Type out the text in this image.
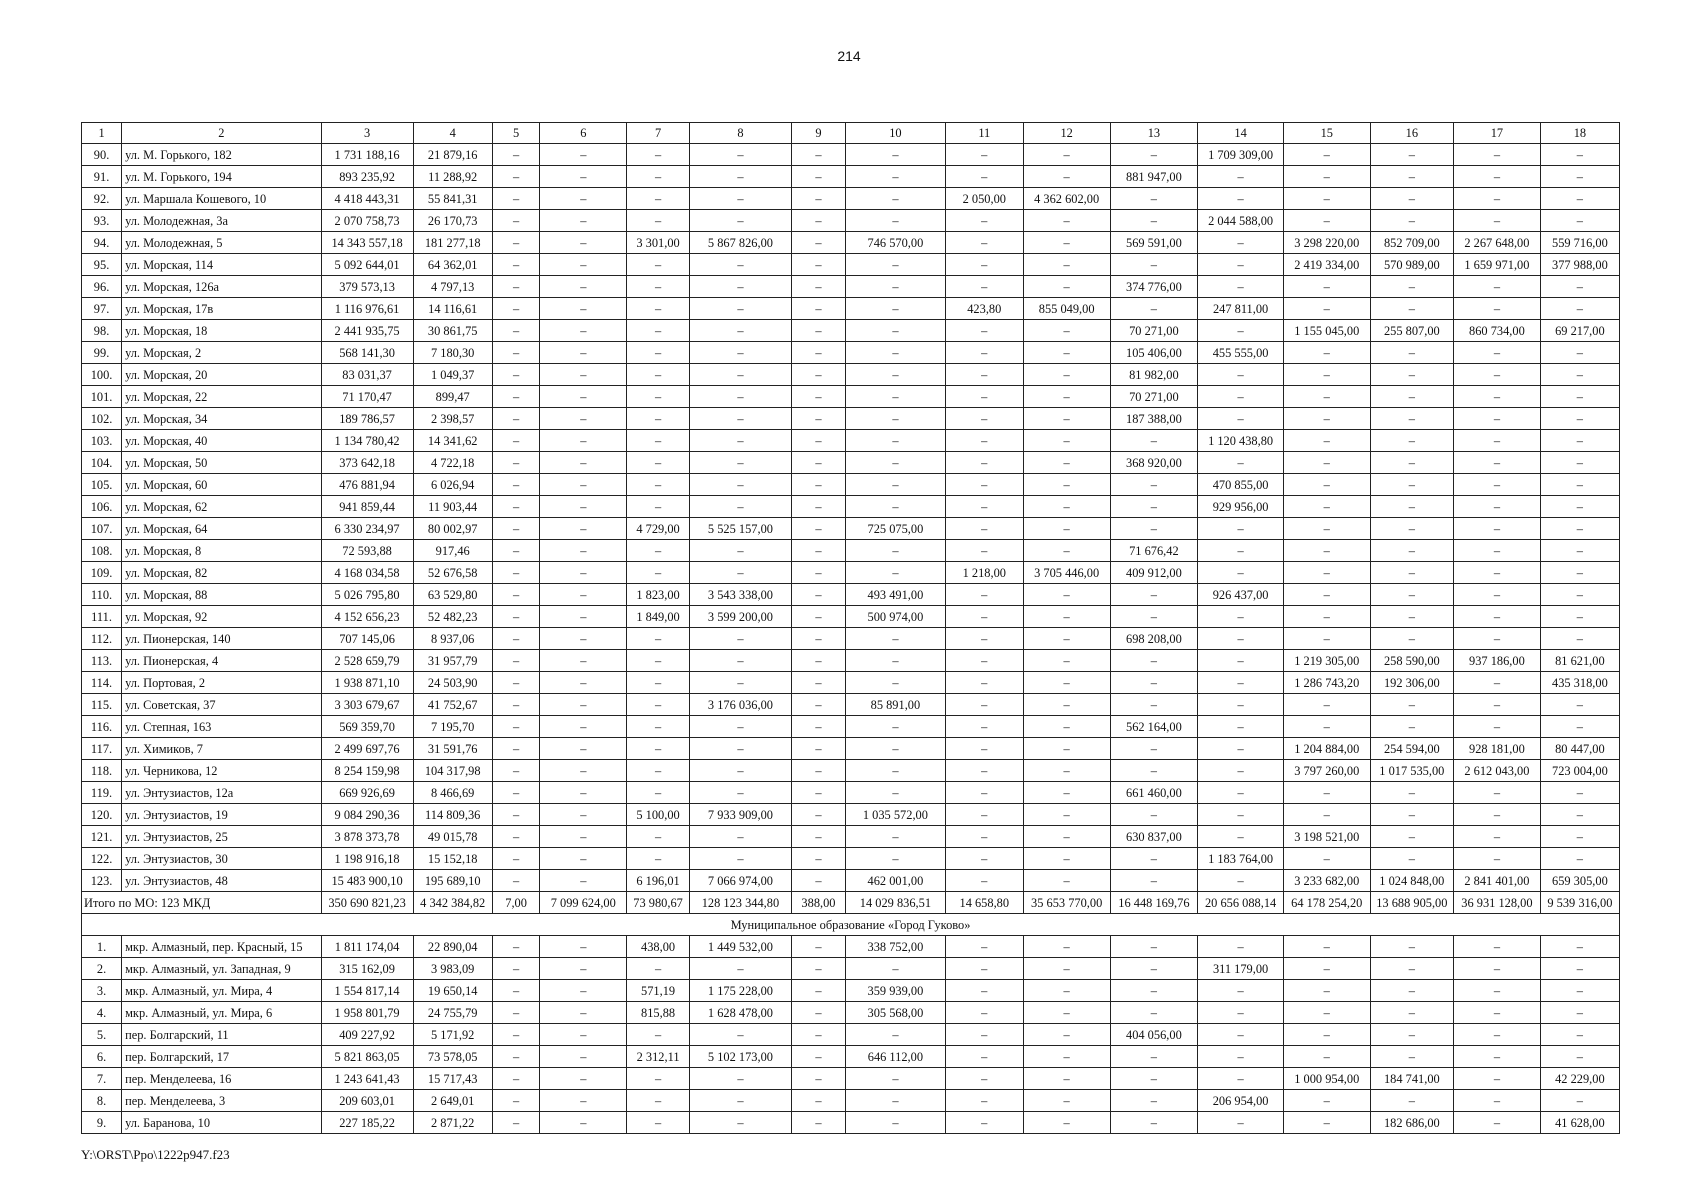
214
1	2	3	4	5	6	7	8	9	10	11	12	13	14	15	16	17	18
90.	ул. М. Горького, 182	1 731 188,16	21 879,16	–	–	–	–	–	–	–	–	–	1 709 309,00	–	–	–	–
91.	ул. М. Горького, 194	893 235,92	11 288,92	–	–	–	–	–	–	–	–	881 947,00	–	–	–	–	–
92.	ул. Маршала Кошевого, 10	4 418 443,31	55 841,31	–	–	–	–	–	–	2 050,00	4 362 602,00	–	–	–	–	–	–
93.	ул. Молодежная, 3а	2 070 758,73	26 170,73	–	–	–	–	–	–	–	–	–	2 044 588,00	–	–	–	–
94.	ул. Молодежная, 5	14 343 557,18	181 277,18	–	–	3 301,00	5 867 826,00	–	746 570,00	–	–	569 591,00	–	3 298 220,00	852 709,00	2 267 648,00	559 716,00
95.	ул. Морская, 114	5 092 644,01	64 362,01	–	–	–	–	–	–	–	–	–	–	2 419 334,00	570 989,00	1 659 971,00	377 988,00
96.	ул. Морская, 126а	379 573,13	4 797,13	–	–	–	–	–	–	–	–	374 776,00	–	–	–	–	–
97.	ул. Морская, 17в	1 116 976,61	14 116,61	–	–	–	–	–	–	423,80	855 049,00	–	247 811,00	–	–	–	–
98.	ул. Морская, 18	2 441 935,75	30 861,75	–	–	–	–	–	–	–	–	70 271,00	–	1 155 045,00	255 807,00	860 734,00	69 217,00
99.	ул. Морская, 2	568 141,30	7 180,30	–	–	–	–	–	–	–	–	105 406,00	455 555,00	–	–	–	–
100.	ул. Морская, 20	83 031,37	1 049,37	–	–	–	–	–	–	–	–	81 982,00	–	–	–	–	–
101.	ул. Морская, 22	71 170,47	899,47	–	–	–	–	–	–	–	–	70 271,00	–	–	–	–	–
102.	ул. Морская, 34	189 786,57	2 398,57	–	–	–	–	–	–	–	–	187 388,00	–	–	–	–	–
103.	ул. Морская, 40	1 134 780,42	14 341,62	–	–	–	–	–	–	–	–	–	1 120 438,80	–	–	–	–
104.	ул. Морская, 50	373 642,18	4 722,18	–	–	–	–	–	–	–	–	368 920,00	–	–	–	–	–
105.	ул. Морская, 60	476 881,94	6 026,94	–	–	–	–	–	–	–	–	–	470 855,00	–	–	–	–
106.	ул. Морская, 62	941 859,44	11 903,44	–	–	–	–	–	–	–	–	–	929 956,00	–	–	–	–
107.	ул. Морская, 64	6 330 234,97	80 002,97	–	–	4 729,00	5 525 157,00	–	725 075,00	–	–	–	–	–	–	–	–
108.	ул. Морская, 8	72 593,88	917,46	–	–	–	–	–	–	–	–	71 676,42	–	–	–	–	–
109.	ул. Морская, 82	4 168 034,58	52 676,58	–	–	–	–	–	–	1 218,00	3 705 446,00	409 912,00	–	–	–	–	–
110.	ул. Морская, 88	5 026 795,80	63 529,80	–	–	1 823,00	3 543 338,00	–	493 491,00	–	–	–	926 437,00	–	–	–	–
111.	ул. Морская, 92	4 152 656,23	52 482,23	–	–	1 849,00	3 599 200,00	–	500 974,00	–	–	–	–	–	–	–	–
112.	ул. Пионерская, 140	707 145,06	8 937,06	–	–	–	–	–	–	–	–	698 208,00	–	–	–	–	–
113.	ул. Пионерская, 4	2 528 659,79	31 957,79	–	–	–	–	–	–	–	–	–	–	1 219 305,00	258 590,00	937 186,00	81 621,00
114.	ул. Портовая, 2	1 938 871,10	24 503,90	–	–	–	–	–	–	–	–	–	–	1 286 743,20	192 306,00	–	435 318,00
115.	ул. Советская, 37	3 303 679,67	41 752,67	–	–	–	3 176 036,00	–	85 891,00	–	–	–	–	–	–	–	–
116.	ул. Степная, 163	569 359,70	7 195,70	–	–	–	–	–	–	–	–	562 164,00	–	–	–	–	–
117.	ул. Химиков, 7	2 499 697,76	31 591,76	–	–	–	–	–	–	–	–	–	–	1 204 884,00	254 594,00	928 181,00	80 447,00
118.	ул. Черникова, 12	8 254 159,98	104 317,98	–	–	–	–	–	–	–	–	–	–	3 797 260,00	1 017 535,00	2 612 043,00	723 004,00
119.	ул. Энтузиастов, 12а	669 926,69	8 466,69	–	–	–	–	–	–	–	–	661 460,00	–	–	–	–	–
120.	ул. Энтузиастов, 19	9 084 290,36	114 809,36	–	–	5 100,00	7 933 909,00	–	1 035 572,00	–	–	–	–	–	–	–	–
121.	ул. Энтузиастов, 25	3 878 373,78	49 015,78	–	–	–	–	–	–	–	–	630 837,00	–	3 198 521,00	–	–	–
122.	ул. Энтузиастов, 30	1 198 916,18	15 152,18	–	–	–	–	–	–	–	–	–	1 183 764,00	–	–	–	–
123.	ул. Энтузиастов, 48	15 483 900,10	195 689,10	–	–	6 196,01	7 066 974,00	–	462 001,00	–	–	–	–	3 233 682,00	1 024 848,00	2 841 401,00	659 305,00
Итого по МО: 123 МКД		350 690 821,23	4 342 384,82	7,00	7 099 624,00	73 980,67	128 123 344,80	388,00	14 029 836,51	14 658,80	35 653 770,00	16 448 169,76	20 656 088,14	64 178 254,20	13 688 905,00	36 931 128,00	9 539 316,00
Муниципальное образование «Город Гуково»																	
1.	мкр. Алмазный, пер. Красный, 15	1 811 174,04	22 890,04	–	–	438,00	1 449 532,00	–	338 752,00	–	–	–	–	–	–	–	–
2.	мкр. Алмазный, ул. Западная, 9	315 162,09	3 983,09	–	–	–	–	–	–	–	–	–	311 179,00	–	–	–	–
3.	мкр. Алмазный, ул. Мира, 4	1 554 817,14	19 650,14	–	–	571,19	1 175 228,00	–	359 939,00	–	–	–	–	–	–	–	–
4.	мкр. Алмазный, ул. Мира, 6	1 958 801,79	24 755,79	–	–	815,88	1 628 478,00	–	305 568,00	–	–	–	–	–	–	–	–
5.	пер. Болгарский, 11	409 227,92	5 171,92	–	–	–	–	–	–	–	–	404 056,00	–	–	–	–	–
6.	пер. Болгарский, 17	5 821 863,05	73 578,05	–	–	2 312,11	5 102 173,00	–	646 112,00	–	–	–	–	–	–	–	–
7.	пер. Менделеева, 16	1 243 641,43	15 717,43	–	–	–	–	–	–	–	–	–	–	1 000 954,00	184 741,00	–	42 229,00
8.	пер. Менделеева, 3	209 603,01	2 649,01	–	–	–	–	–	–	–	–	–	206 954,00	–	–	–	–
9.	ул. Баранова, 10	227 185,22	2 871,22	–	–	–	–	–	–	–	–	–	–	–	182 686,00	–	41 628,00
Y:\ORST\Ppo\1222p947.f23
